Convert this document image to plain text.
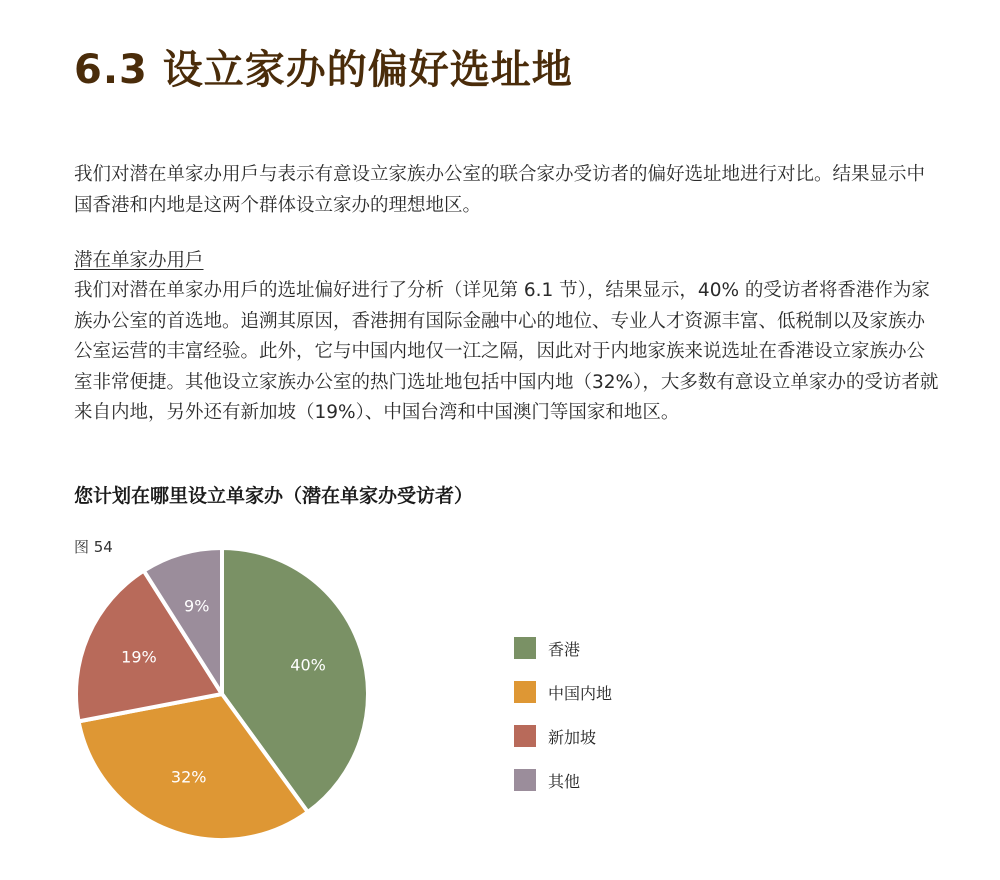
6.3 设立家办的偏好选址地

我们对潜在单家办用戶与表示有意设立家族办公室的联合家办受访者的偏好选址地进行对比。结果显示中国香港和内地是这两个群体设立家办的理想地区。

潜在单家办用戶

我们对潜在单家办用戶的选址偏好进行了分析（详见第 6.1 节），结果显示，40% 的受访者将香港作为家族办公室的首选地。追溯其原因，香港拥有国际金融中心的地位、专业人才资源丰富、低税制以及家族办公室运营的丰富经验。此外，它与中国内地仅一江之隔，因此对于内地家族来说选址在香港设立家族办公室非常便捷。其他设立家族办公室的热门选址地包括中国内地（32%），大多数有意设立单家办的受访者就来自内地，另外还有新加坡（19%）、中国台湾和中国澳门等国家和地区。

您计划在哪里设立单家办（潜在单家办受访者）

图 54

40%
32%
19%
9%
香港
中国内地
新加坡
其他
